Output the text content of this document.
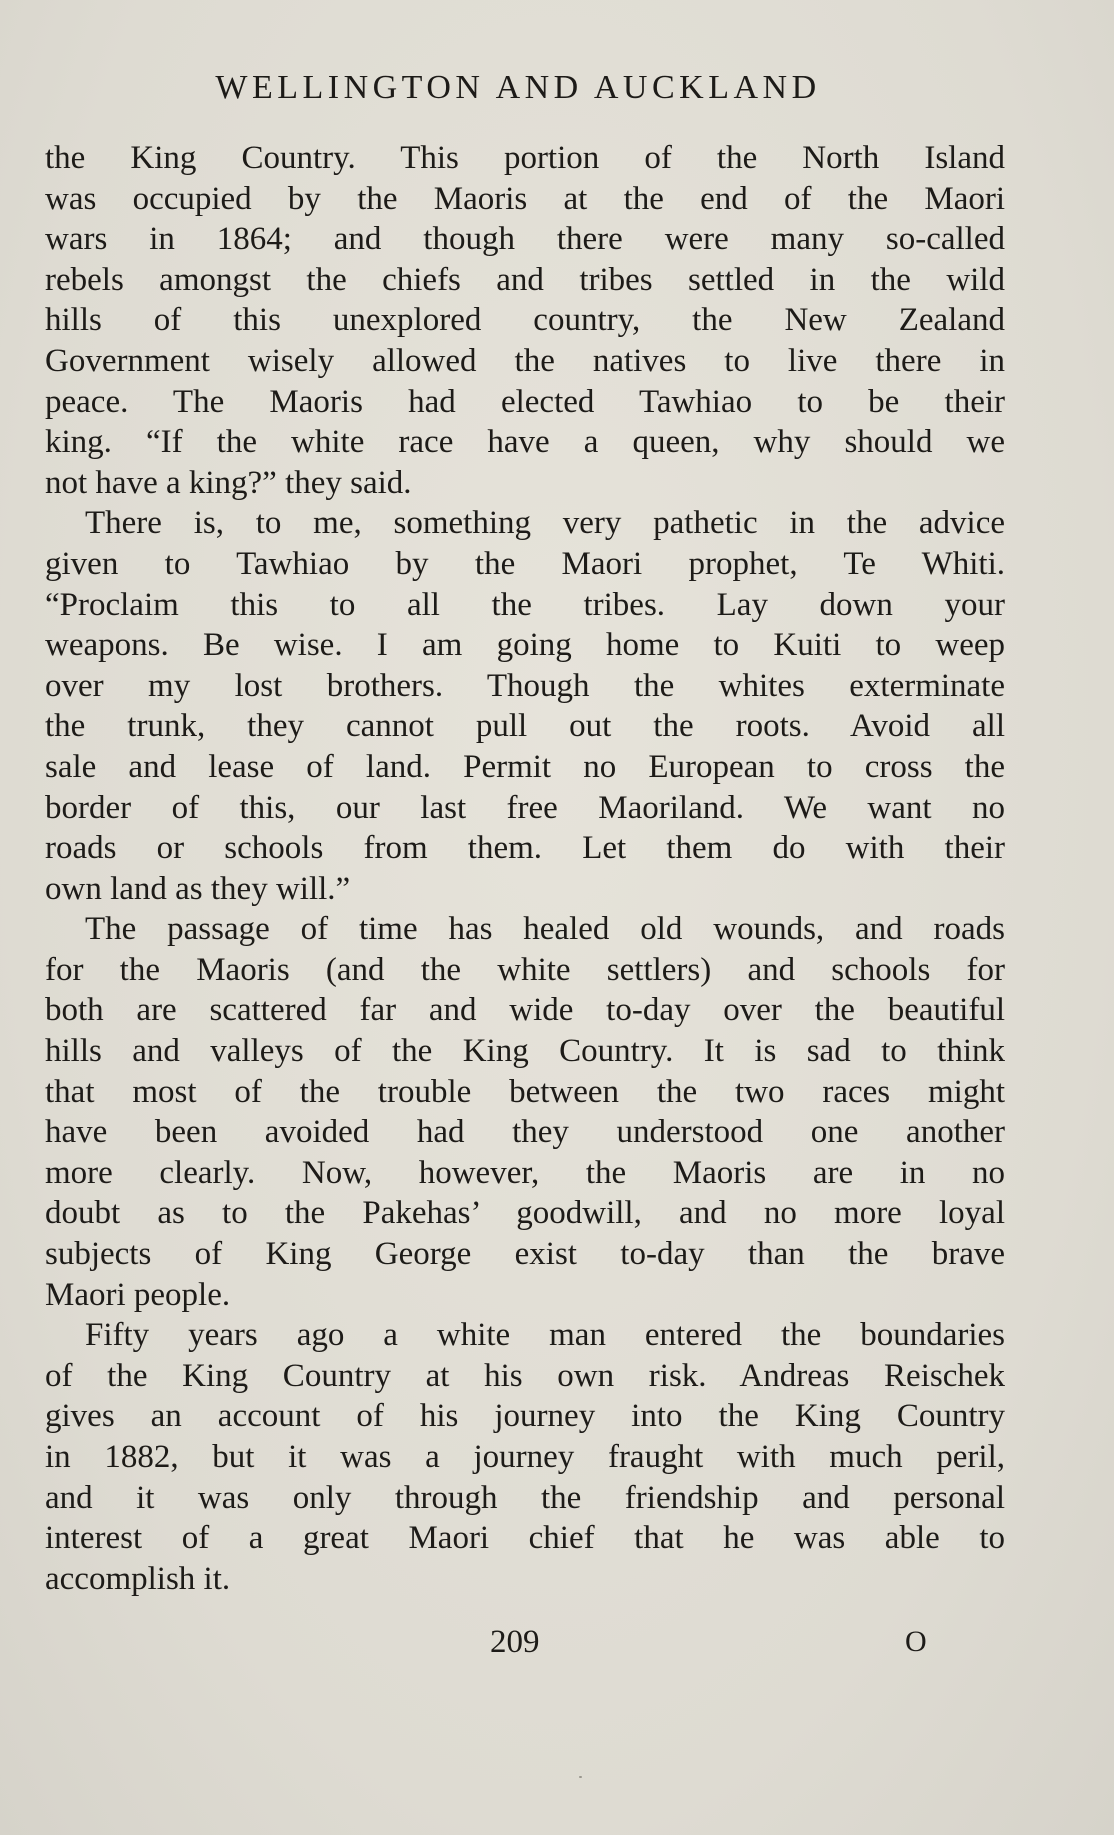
WELLINGTON AND AUCKLAND
the King Country. This portion of the North Island
was occupied by the Maoris at the end of the Maori
wars in 1864; and though there were many so-called
rebels amongst the chiefs and tribes settled in the wild
hills of this unexplored country, the New Zealand
Government wisely allowed the natives to live there in
peace. The Maoris had elected Tawhiao to be their
king. “If the white race have a queen, why should we
not have a king?” they said.
There is, to me, something very pathetic in the advice
given to Tawhiao by the Maori prophet, Te Whiti.
“Proclaim this to all the tribes. Lay down your
weapons. Be wise. I am going home to Kuiti to weep
over my lost brothers. Though the whites exterminate
the trunk, they cannot pull out the roots. Avoid all
sale and lease of land. Permit no European to cross the
border of this, our last free Maoriland. We want no
roads or schools from them. Let them do with their
own land as they will.”
The passage of time has healed old wounds, and roads
for the Maoris (and the white settlers) and schools for
both are scattered far and wide to-day over the beautiful
hills and valleys of the King Country. It is sad to think
that most of the trouble between the two races might
have been avoided had they understood one another
more clearly. Now, however, the Maoris are in no
doubt as to the Pakehas’ goodwill, and no more loyal
subjects of King George exist to-day than the brave
Maori people.
Fifty years ago a white man entered the boundaries
of the King Country at his own risk. Andreas Reischek
gives an account of his journey into the King Country
in 1882, but it was a journey fraught with much peril,
and it was only through the friendship and personal
interest of a great Maori chief that he was able to
accomplish it.
209	O
